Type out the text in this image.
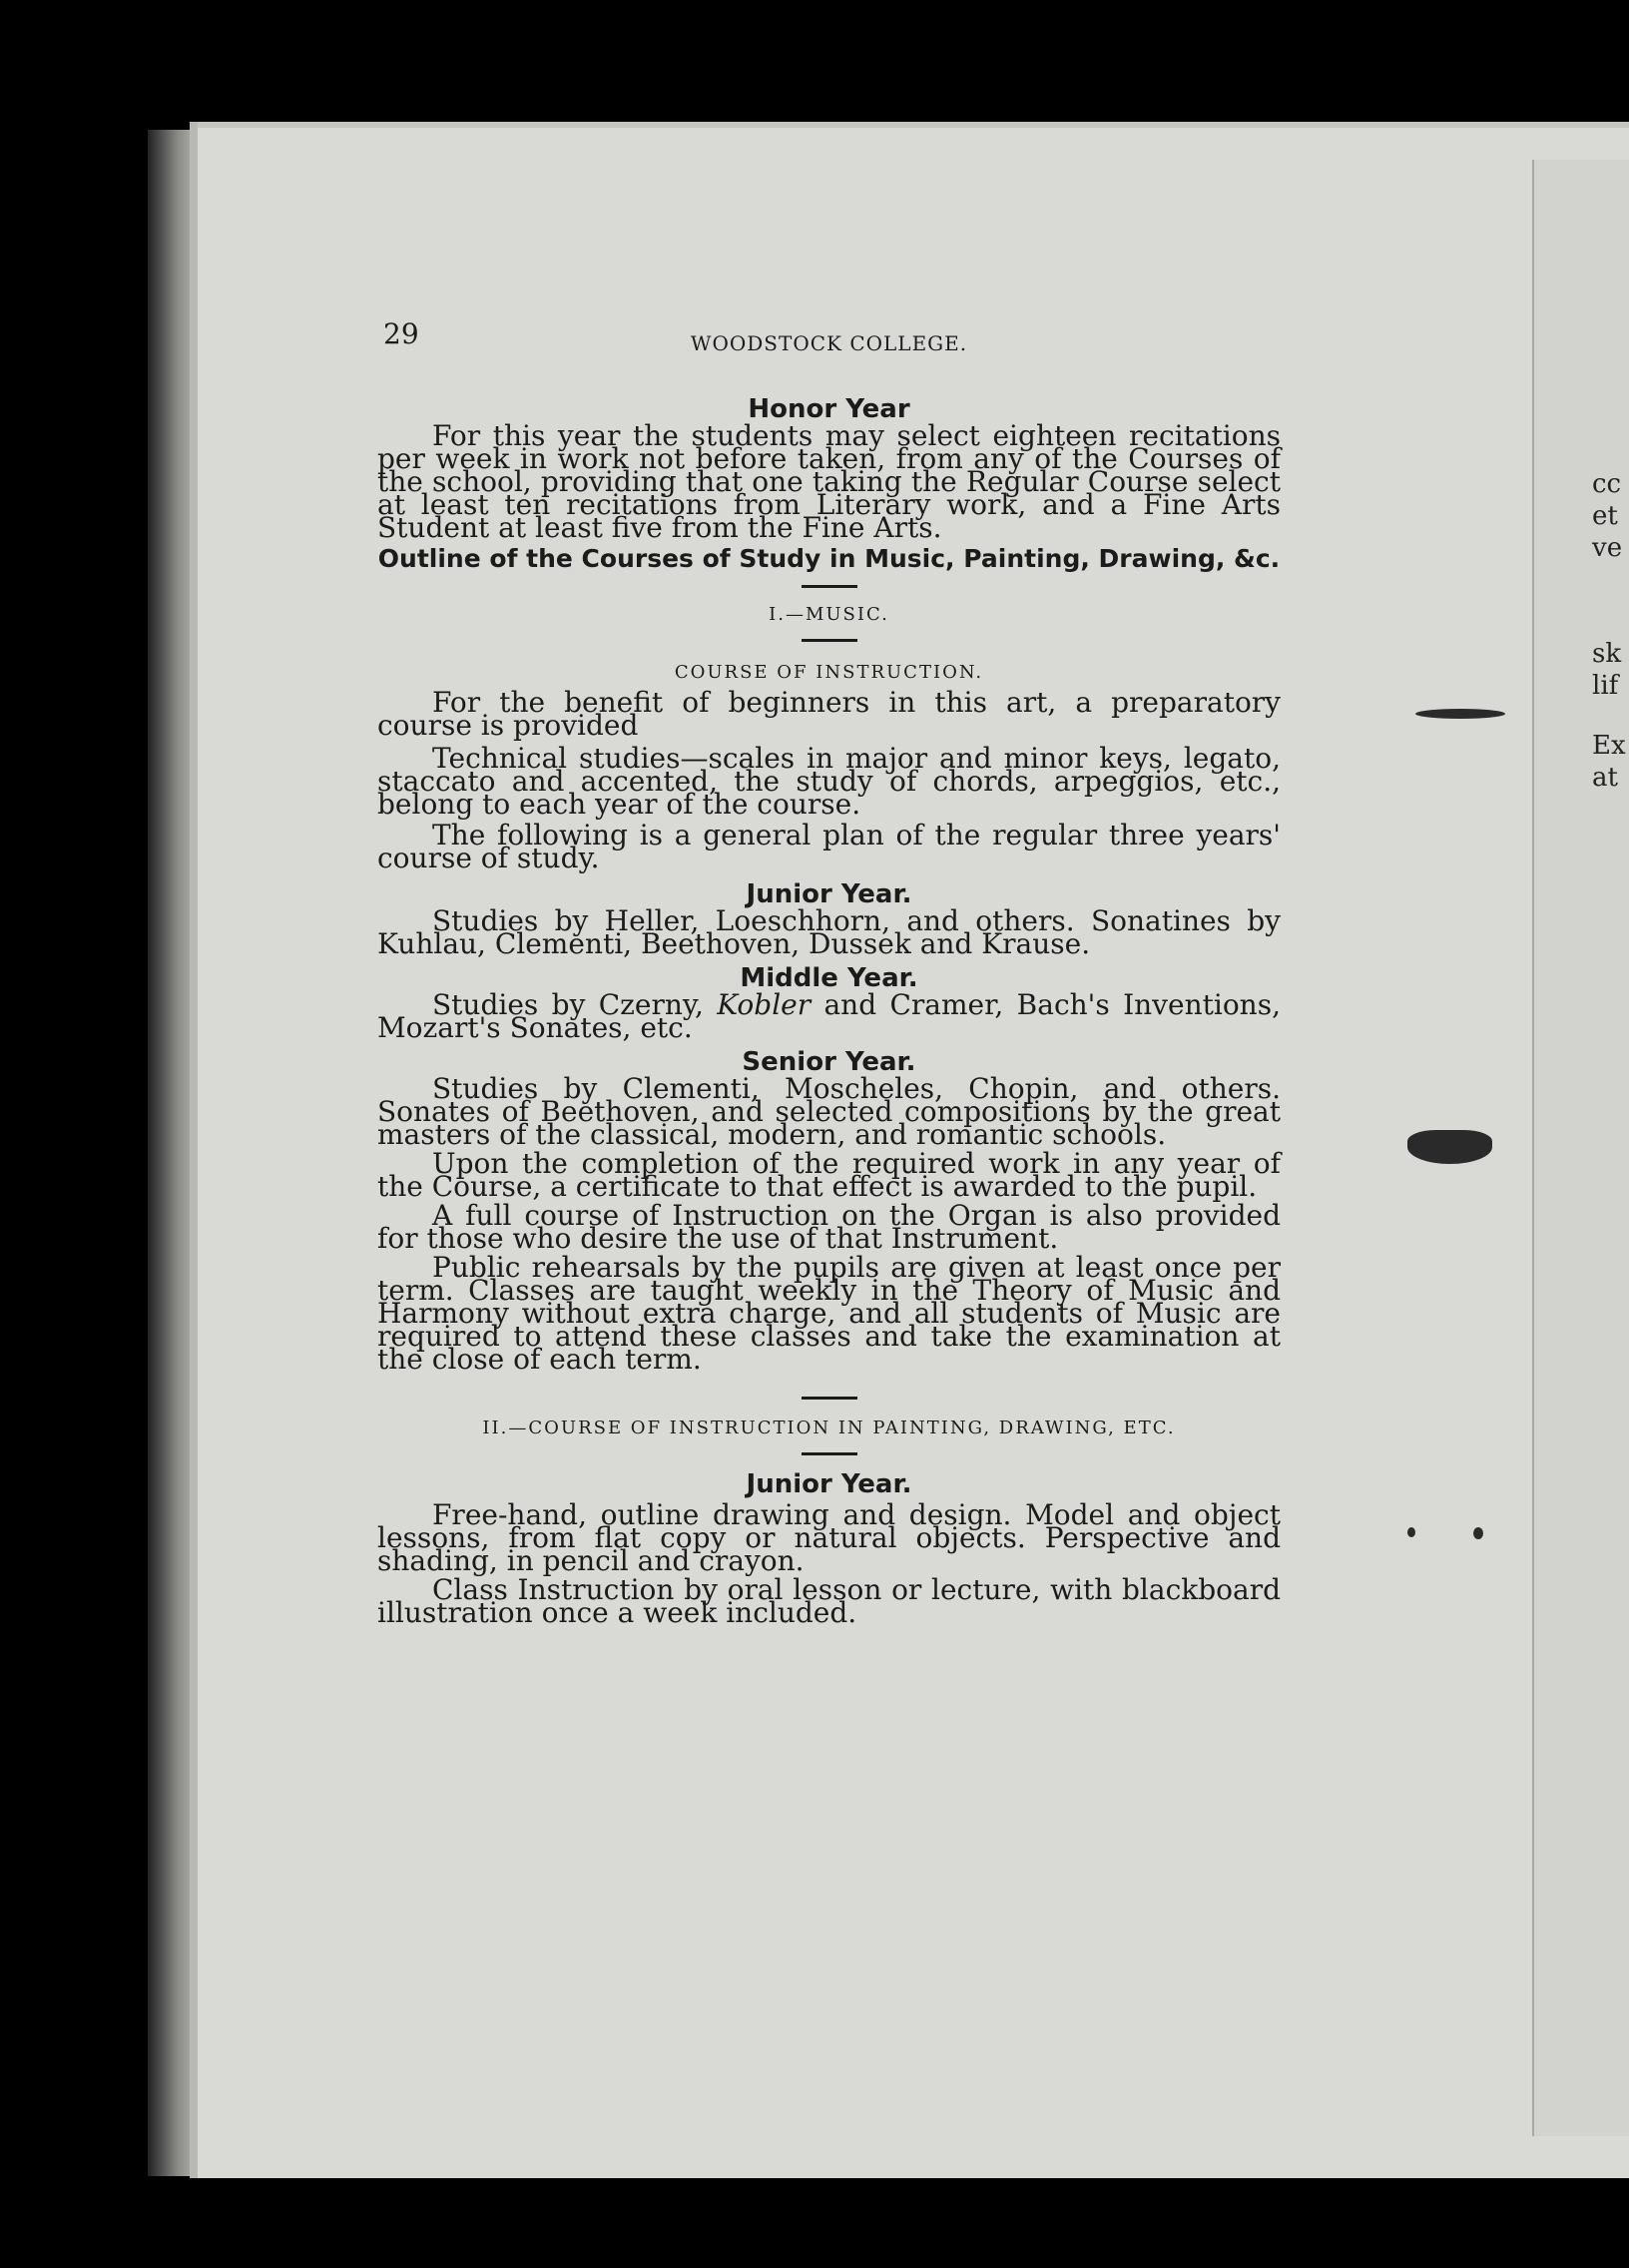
cc
et
ve
sk
lif
Ex
at
29	WOODSTOCK COLLEGE.
Honor Year

For this year the students may select eighteen recitations per week in work not before taken, from any of the Courses of the school, providing that one taking the Regular Course select at least ten recitations from Literary work, and a Fine Arts Student at least five from the Fine Arts.

Outline of the Courses of Study in Music, Painting, Drawing, &c.

I.—MUSIC.

COURSE OF INSTRUCTION.

For the benefit of beginners in this art, a preparatory course is provided

Technical studies—scales in major and minor keys, legato, staccato and accented, the study of chords, arpeggios, etc., belong to each year of the course.

The following is a general plan of the regular three years' course of study.

Junior Year.

Studies by Heller, Loeschhorn, and others. Sonatines by Kuhlau, Clementi, Beethoven, Dussek and Krause.

Middle Year.

Studies by Czerny, Kobler and Cramer, Bach's Inventions, Mozart's Sonates, etc.

Senior Year.

Studies by Clementi, Moscheles, Chopin, and others. Sonates of Beethoven, and selected compositions by the great masters of the classical, modern, and romantic schools.

Upon the completion of the required work in any year of the Course, a certificate to that effect is awarded to the pupil.

A full course of Instruction on the Organ is also provided for those who desire the use of that Instrument.

Public rehearsals by the pupils are given at least once per term. Classes are taught weekly in the Theory of Music and Harmony without extra charge, and all students of Music are required to attend these classes and take the examination at the close of each term.

II.—COURSE OF INSTRUCTION IN PAINTING, DRAWING, ETC.

Junior Year.

Free-hand, outline drawing and design. Model and object lessons, from flat copy or natural objects. Perspective and shading, in pencil and crayon.

Class Instruction by oral lesson or lecture, with blackboard illustration once a week included.
